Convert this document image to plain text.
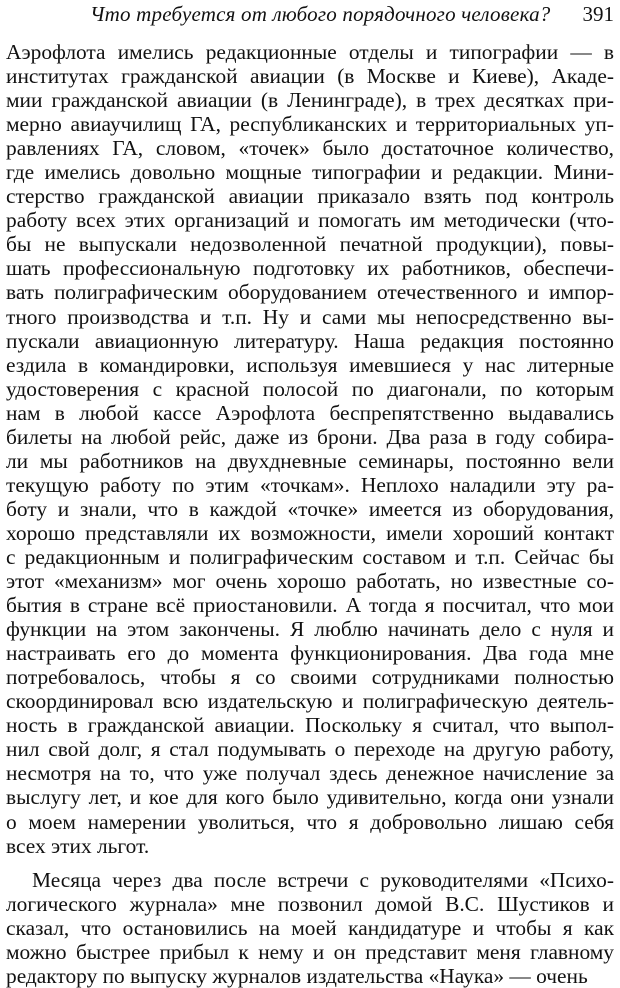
Что требуется от любого порядочного человека? 391
Аэрофлота имелись редакционные отделы и типографии — в
институтах гражданской авиации (в Москве и Киеве), Акаде-
мии гражданской авиации (в Ленинграде), в трех десятках при-
мерно авиаучилищ ГА, республиканских и территориальных уп-
равлениях ГА, словом, «точек» было достаточное количество,
где имелись довольно мощные типографии и редакции. Мини-
стерство гражданской авиации приказало взять под контроль
работу всех этих организаций и помогать им методически (что-
бы не выпускали недозволенной печатной продукции), повы-
шать профессиональную подготовку их работников, обеспечи-
вать полиграфическим оборудованием отечественного и импор-
тного производства и т.п. Ну и сами мы непосредственно вы-
пускали авиационную литературу. Наша редакция постоянно
ездила в командировки, используя имевшиеся у нас литерные
удостоверения с красной полосой по диагонали, по которым
нам в любой кассе Аэрофлота беспрепятственно выдавались
билеты на любой рейс, даже из брони. Два раза в году собира-
ли мы работников на двухдневные семинары, постоянно вели
текущую работу по этим «точкам». Неплохо наладили эту ра-
боту и знали, что в каждой «точке» имеется из оборудования,
хорошо представляли их возможности, имели хороший контакт
с редакционным и полиграфическим составом и т.п. Сейчас бы
этот «механизм» мог очень хорошо работать, но известные со-
бытия в стране всё приостановили. А тогда я посчитал, что мои
функции на этом закончены. Я люблю начинать дело с нуля и
настраивать его до момента функционирования. Два года мне
потребовалось, чтобы я со своими сотрудниками полностью
скоординировал всю издательскую и полиграфическую деятель-
ность в гражданской авиации. Поскольку я считал, что выпол-
нил свой долг, я стал подумывать о переходе на другую работу,
несмотря на то, что уже получал здесь денежное начисление за
выслугу лет, и кое для кого было удивительно, когда они узнали
о моем намерении уволиться, что я добровольно лишаю себя
всех этих льгот.
Месяца через два после встречи с руководителями «Психо-
логического журнала» мне позвонил домой В.С. Шустиков и
сказал, что остановились на моей кандидатуре и чтобы я как
можно быстрее прибыл к нему и он представит меня главному
редактору по выпуску журналов издательства «Наука» — очень
